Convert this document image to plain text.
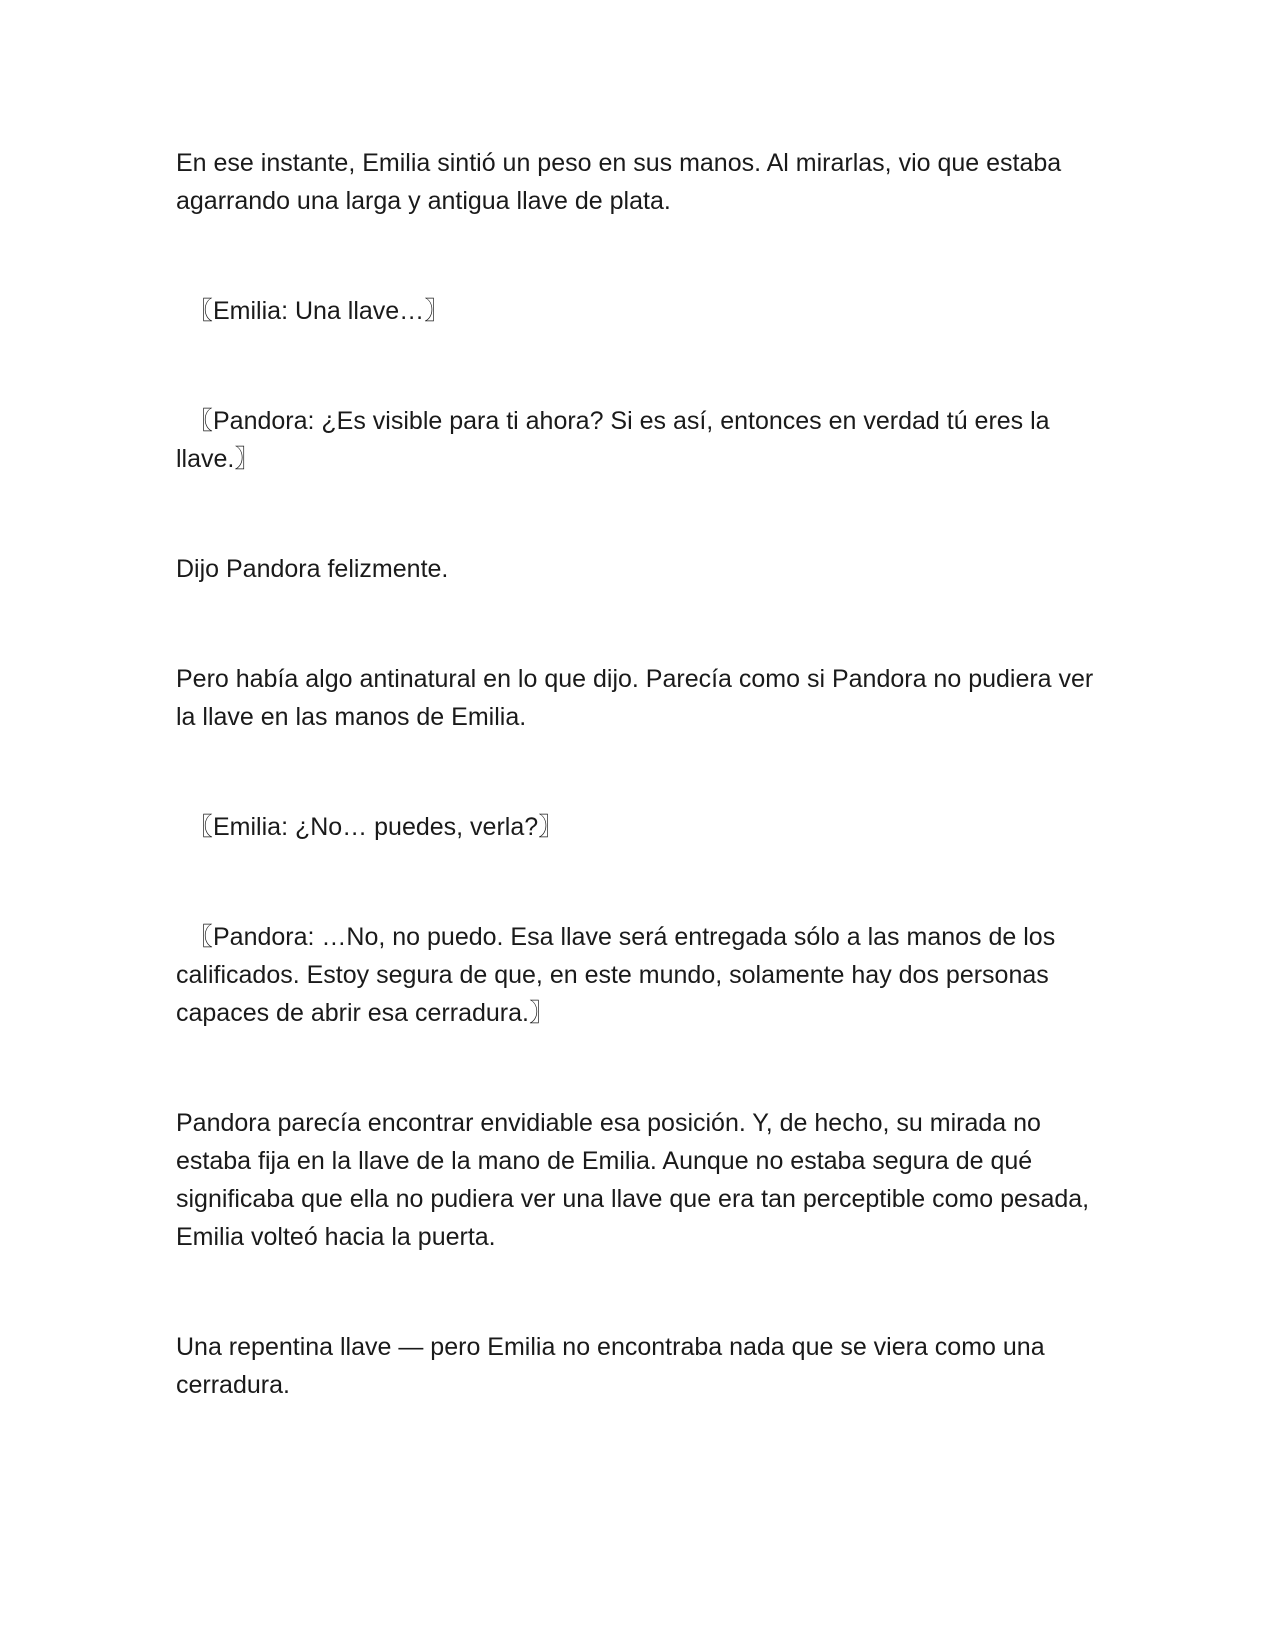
En ese instante, Emilia sintió un peso en sus manos. Al mirarlas, vio que estaba agarrando una larga y antigua llave de plata.

〖Emilia: Una llave…〗

〖Pandora: ¿Es visible para ti ahora? Si es así, entonces en verdad tú eres la llave.〗

Dijo Pandora felizmente.

Pero había algo antinatural en lo que dijo. Parecía como si Pandora no pudiera ver la llave en las manos de Emilia.

〖Emilia: ¿No… puedes, verla?〗

〖Pandora: …No, no puedo. Esa llave será entregada sólo a las manos de los calificados. Estoy segura de que, en este mundo, solamente hay dos personas capaces de abrir esa cerradura.〗

Pandora parecía encontrar envidiable esa posición. Y, de hecho, su mirada no estaba fija en la llave de la mano de Emilia. Aunque no estaba segura de qué significaba que ella no pudiera ver una llave que era tan perceptible como pesada, Emilia volteó hacia la puerta.

Una repentina llave — pero Emilia no encontraba nada que se viera como una cerradura.
